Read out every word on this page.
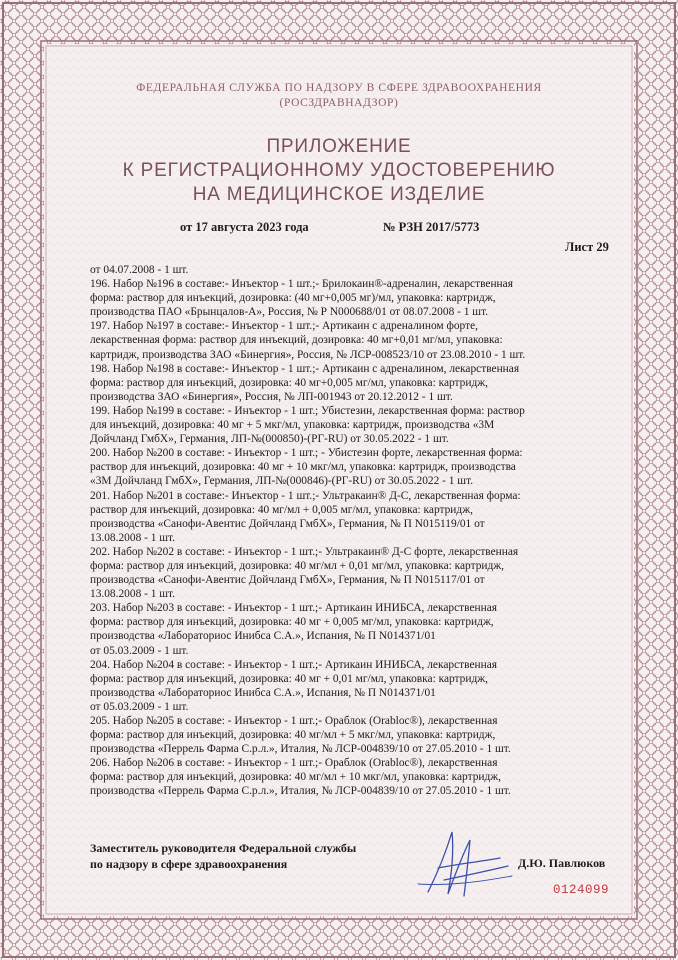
ФЕДЕРАЛЬНАЯ СЛУЖБА ПО НАДЗОРУ В СФЕРЕ ЗДРАВООХРАНЕНИЯ
(РОСЗДРАВНАДЗОР)
ПРИЛОЖЕНИЕ
К РЕГИСТРАЦИОННОМУ УДОСТОВЕРЕНИЮ
НА МЕДИЦИНСКОЕ ИЗДЕЛИЕ
от 17 августа 2023 года	№ РЗН 2017/5773
Лист 29

от 04.07.2008 - 1 шт.

196. Набор №196 в составе:- Инъектор - 1 шт.;- Брилокаин®-адреналин, лекарственная

форма: раствор для инъекций, дозировка: (40 мг+0,005 мг)/мл, упаковка: картридж,

производства ПАО «Брынцалов-А», Россия, № Р N000688/01 от 08.07.2008 - 1 шт.

197. Набор №197 в составе:- Инъектор - 1 шт.;- Артикаин с адреналином форте,

лекарственная форма: раствор для инъекций, дозировка: 40 мг+0,01 мг/мл, упаковка:

картридж, производства ЗАО «Бинергия», Россия, № ЛСР-008523/10 от 23.08.2010 - 1 шт.

198. Набор №198 в составе:- Инъектор - 1 шт.;- Артикаин с адреналином, лекарственная

форма: раствор для инъекций, дозировка: 40 мг+0,005 мг/мл, упаковка: картридж,

производства ЗАО «Бинергия», Россия, № ЛП-001943 от 20.12.2012 - 1 шт.

199. Набор №199 в составе: - Инъектор - 1 шт.; Убистезин, лекарственная форма: раствор

для инъекций, дозировка: 40 мг + 5 мкг/мл, упаковка: картридж, производства «3М

Дойчланд ГмбХ», Германия, ЛП-№(000850)-(РГ-RU) от 30.05.2022 - 1 шт.

200. Набор №200 в составе: - Инъектор - 1 шт.; - Убистезин форте, лекарственная форма:

раствор для инъекций, дозировка: 40 мг + 10 мкг/мл, упаковка: картридж, производства

«3М Дойчланд ГмбХ», Германия, ЛП-№(000846)-(РГ-RU) от 30.05.2022 - 1 шт.

201. Набор №201 в составе:- Инъектор - 1 шт.;- Ультракаин® Д-С, лекарственная форма:

раствор для инъекций, дозировка: 40 мг/мл + 0,005 мг/мл, упаковка: картридж,

производства «Санофи-Авентис Дойчланд ГмбХ», Германия, № П N015119/01 от

13.08.2008 - 1 шт.

202. Набор №202 в составе: - Инъектор - 1 шт.;- Ультракаин® Д-С форте, лекарственная

форма: раствор для инъекций, дозировка: 40 мг/мл + 0,01 мг/мл, упаковка: картридж,

производства «Санофи-Авентис Дойчланд ГмбХ», Германия, № П N015117/01 от

13.08.2008 - 1 шт.

203. Набор №203 в составе: - Инъектор - 1 шт.;- Артикаин ИНИБСА, лекарственная

форма: раствор для инъекций, дозировка: 40 мг + 0,005 мг/мл, упаковка: картридж,

производства «Лабораториос Инибса С.А.», Испания, № П N014371/01

от 05.03.2009 - 1 шт.

204. Набор №204 в составе: - Инъектор - 1 шт.;- Артикаин ИНИБСА, лекарственная

форма: раствор для инъекций, дозировка: 40 мг + 0,01 мг/мл, упаковка: картридж,

производства «Лабораториос Инибса С.А.», Испания, № П N014371/01

от 05.03.2009 - 1 шт.

205. Набор №205 в составе: - Инъектор - 1 шт.;- Ораблок (Orabloc®), лекарственная

форма: раствор для инъекций, дозировка: 40 мг/мл + 5 мкг/мл, упаковка: картридж,

производства «Перрель Фарма С.р.л.», Италия, № ЛСР-004839/10 от 27.05.2010 - 1 шт.

206. Набор №206 в составе: - Инъектор - 1 шт.;- Ораблок (Orabloc®), лекарственная

форма: раствор для инъекций, дозировка: 40 мг/мл + 10 мкг/мл, упаковка: картридж,

производства «Перрель Фарма С.р.л.», Италия, № ЛСР-004839/10 от 27.05.2010 - 1 шт.

Заместитель руководителя Федеральной службы
по надзору в сфере здравоохранения	Д.Ю. Павлюков
0124099
